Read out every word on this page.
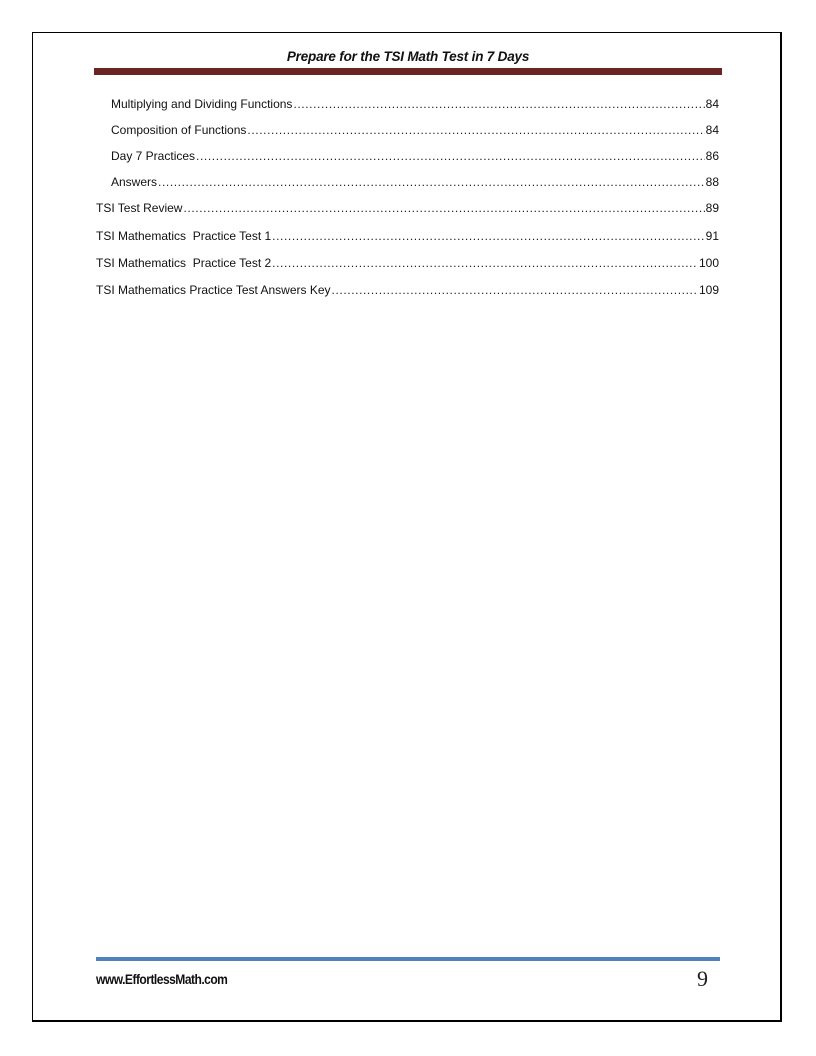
Prepare for the TSI Math Test in 7 Days
Multiplying and Dividing Functions .....	84
Composition of Functions .....	84
Day 7 Practices .....	86
Answers .....	88
TSI Test Review .....	89
TSI Mathematics  Practice Test 1 .....	91
TSI Mathematics  Practice Test 2 .....	100
TSI Mathematics Practice Test Answers Key .....	109
www.EffortlessMath.com	9
